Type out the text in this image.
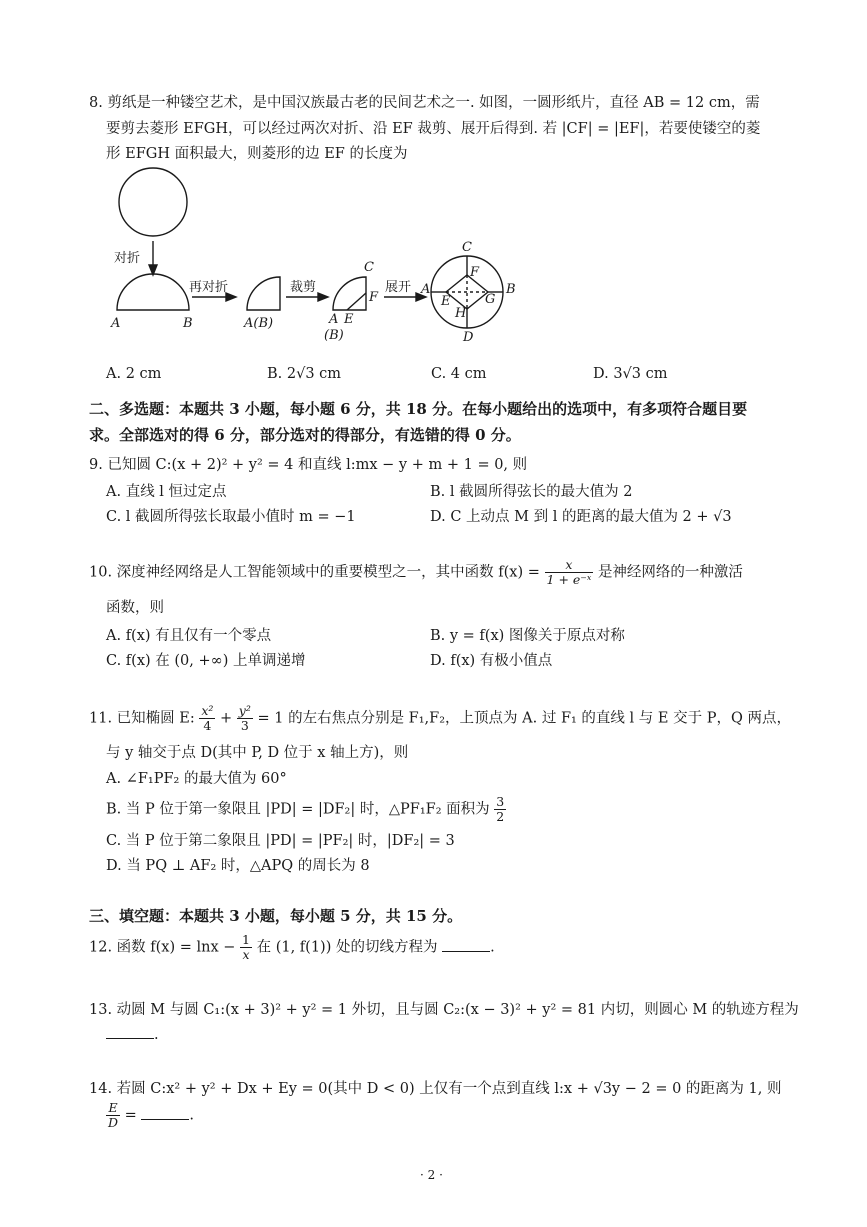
8. 剪纸是一种镂空艺术，是中国汉族最古老的民间艺术之一. 如图，一圆形纸片，直径 AB = 12 cm，需
要剪去菱形 EFGH，可以经过两次对折、沿 EF 裁剪、展开后得到. 若 |CF| = |EF|，若要使镂空的菱
形 EFGH 面积最大，则菱形的边 EF 的长度为
对折
再对折	裁剪	展开
A	B	A(B)
C
A E
F
(B)
C
A	B
D
F
E	G
H
A. 2 cm	B. 2√3 cm	C. 4 cm	D. 3√3 cm
二、多选题：本题共 3 小题，每小题 6 分，共 18 分。在每小题给出的选项中，有多项符合题目要
求。全部选对的得 6 分，部分选对的得部分，有选错的得 0 分。
9. 已知圆 C:(x + 2)² + y² = 4 和直线 l:mx − y + m + 1 = 0, 则
A. 直线 l 恒过定点	B. l 截圆所得弦长的最大值为 2
C. l 截圆所得弦长取最小值时 m = −1	D. C 上动点 M 到 l 的距离的最大值为 2 + √3
10. 深度神经网络是人工智能领域中的重要模型之一，其中函数 $f(x) = \frac{x}{\text{1 + e⁻ˣ}}$ 是神经网络的一种激活
函数，则
A. f(x) 有且仅有一个零点	B. y = f(x) 图像关于原点对称
C. f(x) 在 (0, +∞) 上单调递增	D. f(x) 有极小值点
11. 已知椭圆 E: $\frac{\text{x²}}{4} + \frac{\text{y²}}{3} = 1$ 的左右焦点分别是 F₁,F₂，上顶点为 A. 过 F₁ 的直线 l 与 E 交于 P，Q 两点，
与 y 轴交于点 D(其中 P, D 位于 x 轴上方)，则
A. ∠F₁PF₂ 的最大值为 60°
B. 当 P 位于第一象限且 |PD| = |DF₂| 时，△PF₁F₂ 面积为 $\frac{3}{2}$
C. 当 P 位于第二象限且 |PD| = |PF₂| 时，|DF₂| = 3
D. 当 PQ ⊥ AF₂ 时，△APQ 的周长为 8
三、填空题：本题共 3 小题，每小题 5 分，共 15 分。
12. 函数 $f(x) = \ln x - \frac{1}{x}$ 在 (1, f(1)) 处的切线方程为	.
13. 动圆 M 与圆 C₁:(x + 3)² + y² = 1 外切，且与圆 C₂:(x − 3)² + y² = 81 内切，则圆心 M 的轨迹方程为
.
14. 若圆 C:x² + y² + Dx + Ey = 0(其中 D < 0) 上仅有一个点到直线 l:x + √3y − 2 = 0 的距离为 1, 则
$\frac{E}{D}$ =	.
· 2 ·
